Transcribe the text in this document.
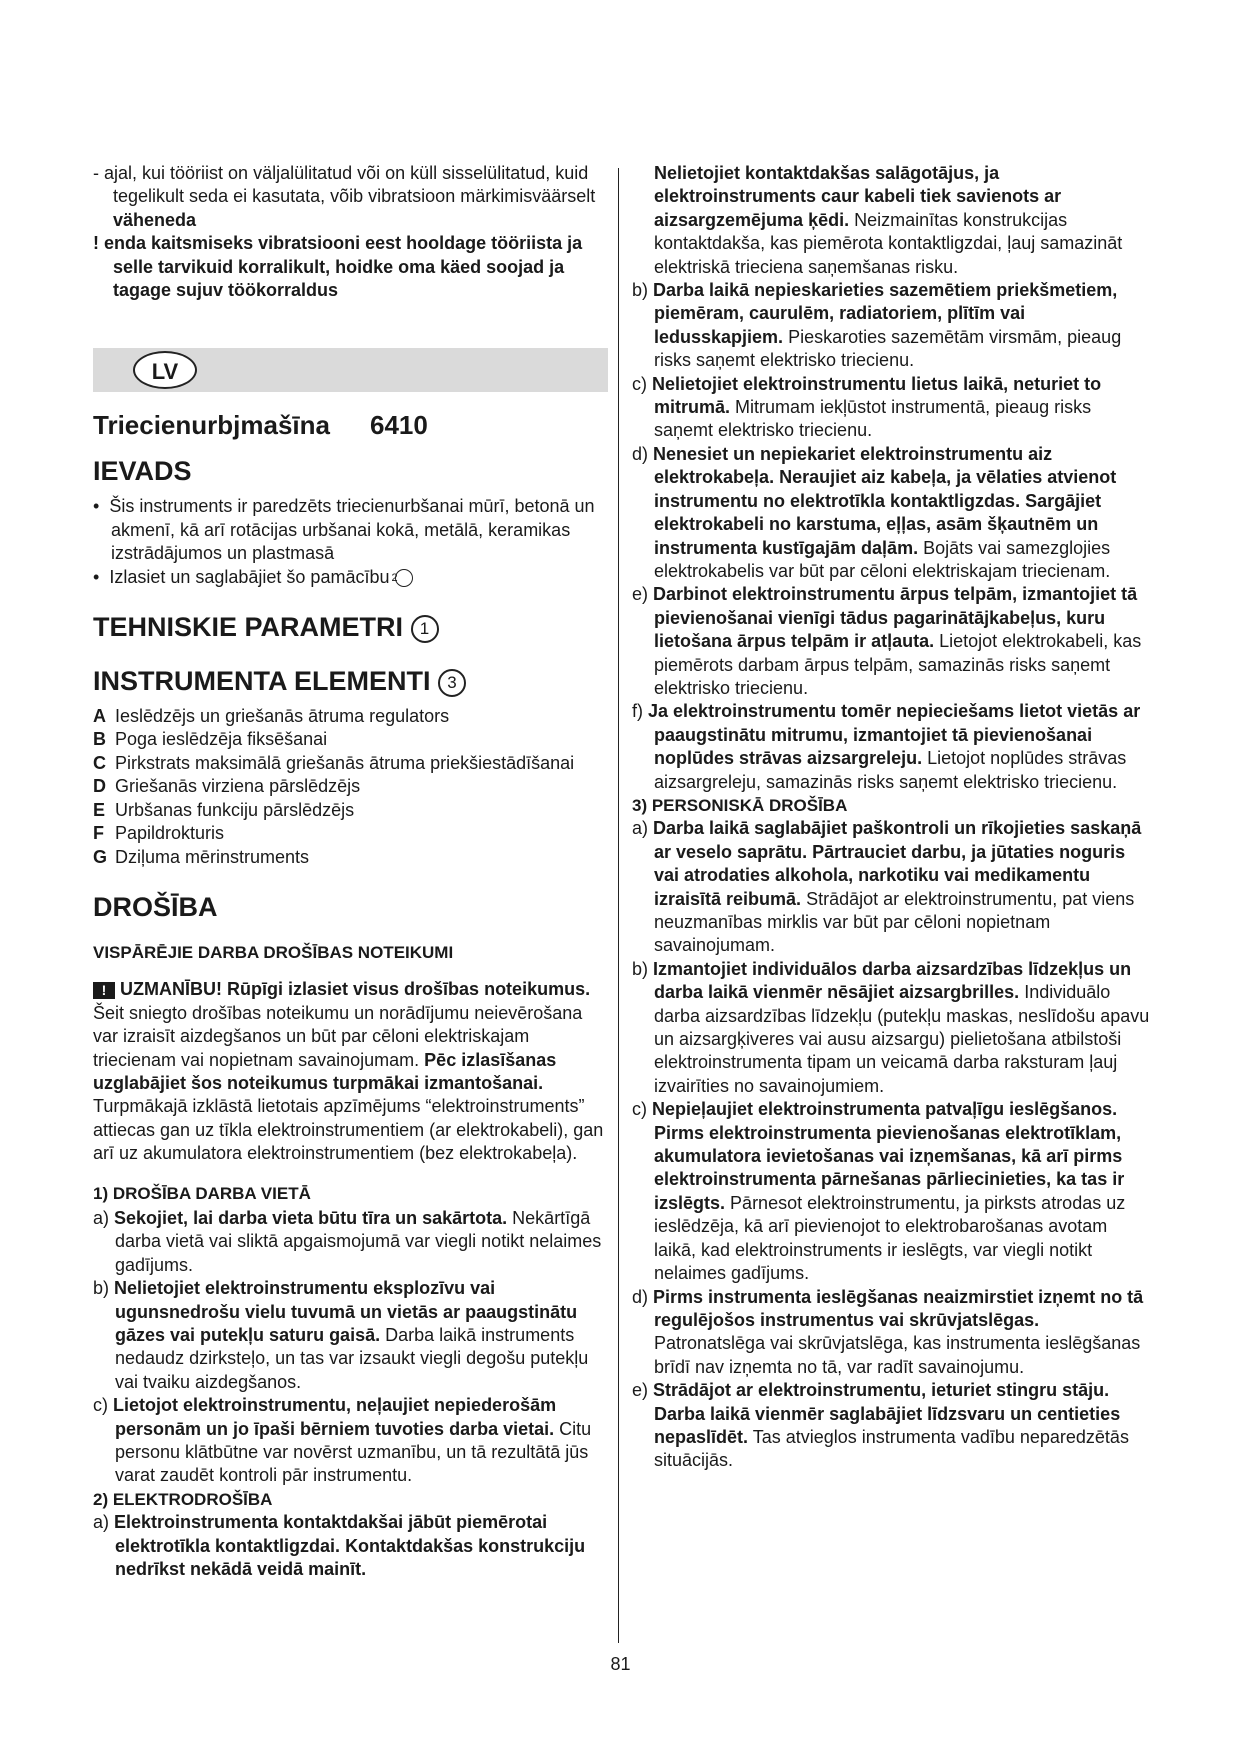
- ajal, kui tööriist on väljalülitatud või on küll sisselülitatud, kuid tegelikult seda ei kasutata, võib vibratsioon märkimisväärselt väheneda

! enda kaitsmiseks vibratsiooni eest hooldage tööriista ja selle tarvikuid korralikult, hoidke oma käed soojad ja tagage sujuv töökorraldus

LV
Triecienurbjmašīna 6410
IEVADS

•  Šis instruments ir paredzēts triecienurbšanai mūrī, betonā un akmenī, kā arī rotācijas urbšanai kokā, metālā, keramikas izstrādājumos un plastmasā

•  Izlasiet un saglabājiet šo pamācību 2

TEHNISKIE PARAMETRI 1
INSTRUMENTA ELEMENTI 3
A Ieslēdzējs un griešanās ātruma regulators
B Poga ieslēdzēja fiksēšanai
C Pirkstrats maksimālā griešanās ātruma priekšiestādīšanai
D Griešanās virziena pārslēdzējs
E Urbšanas funkciju pārslēdzējs
F Papildrokturis
G Dziļuma mērinstruments
DROŠĪBA
VISPĀRĒJIE DARBA DROŠĪBAS NOTEIKUMI

! UZMANĪBU! Rūpīgi izlasiet visus drošības noteikumus. Šeit sniegto drošības noteikumu un norādījumu neievērošana var izraisīt aizdegšanos un būt par cēloni elektriskajam triecienam vai nopietnam savainojumam. Pēc izlasīšanas uzglabājiet šos noteikumus turpmākai izmantošanai. Turpmākajā izklāstā lietotais apzīmējums “elektroinstruments” attiecas gan uz tīkla elektroinstrumentiem (ar elektrokabeli), gan arī uz akumulatora elektroinstrumentiem (bez elektrokabeļa).

1) DROŠĪBA DARBA VIETĀ

a) Sekojiet, lai darba vieta būtu tīra un sakārtota. Nekārtīgā darba vietā vai sliktā apgaismojumā var viegli notikt nelaimes gadījums.

b) Nelietojiet elektroinstrumentu eksplozīvu vai ugunsnedrošu vielu tuvumā un vietās ar paaugstinātu gāzes vai putekļu saturu gaisā. Darba laikā instruments nedaudz dzirksteļo, un tas var izsaukt viegli degošu putekļu vai tvaiku aizdegšanos.

c) Lietojot elektroinstrumentu, neļaujiet nepiederošām personām un jo īpaši bērniem tuvoties darba vietai. Citu personu klātbūtne var novērst uzmanību, un tā rezultātā jūs varat zaudēt kontroli pār instrumentu.

2) ELEKTRODROŠĪBA

a) Elektroinstrumenta kontaktdakšai jābūt piemērotai elektrotīkla kontaktligzdai. Kontaktdakšas konstrukciju nedrīkst nekādā veidā mainīt.

Nelietojiet kontaktdakšas salāgotājus, ja elektroinstruments caur kabeli tiek savienots ar aizsargzemējuma ķēdi. Neizmainītas konstrukcijas kontaktdakša, kas piemērota kontaktligzdai, ļauj samazināt elektriskā trieciena saņemšanas risku.

b) Darba laikā nepieskarieties sazemētiem priekšmetiem, piemēram, caurulēm, radiatoriem, plītīm vai ledusskapjiem. Pieskaroties sazemētām virsmām, pieaug risks saņemt elektrisko triecienu.

c) Nelietojiet elektroinstrumentu lietus laikā, neturiet to mitrumā. Mitrumam iekļūstot instrumentā, pieaug risks saņemt elektrisko triecienu.

d) Nenesiet un nepiekariet elektroinstrumentu aiz elektrokabeļa. Neraujiet aiz kabeļa, ja vēlaties atvienot instrumentu no elektrotīkla kontaktligzdas. Sargājiet elektrokabeli no karstuma, eļļas, asām šķautnēm un instrumenta kustīgajām daļām. Bojāts vai samezglojies elektrokabelis var būt par cēloni elektriskajam triecienam.

e) Darbinot elektroinstrumentu ārpus telpām, izmantojiet tā pievienošanai vienīgi tādus pagarinātājkabeļus, kuru lietošana ārpus telpām ir atļauta. Lietojot elektrokabeli, kas piemērots darbam ārpus telpām, samazinās risks saņemt elektrisko triecienu.

f) Ja elektroinstrumentu tomēr nepieciešams lietot vietās ar paaugstinātu mitrumu, izmantojiet tā pievienošanai noplūdes strāvas aizsargreleju. Lietojot noplūdes strāvas aizsargreleju, samazinās risks saņemt elektrisko triecienu.

3) PERSONISKĀ DROŠĪBA

a) Darba laikā saglabājiet paškontroli un rīkojieties saskaņā ar veselo saprātu. Pārtrauciet darbu, ja jūtaties noguris vai atrodaties alkohola, narkotiku vai medikamentu izraisītā reibumā. Strādājot ar elektroinstrumentu, pat viens neuzmanības mirklis var būt par cēloni nopietnam savainojumam.

b) Izmantojiet individuālos darba aizsardzības līdzekļus un darba laikā vienmēr nēsājiet aizsargbrilles. Individuālo darba aizsardzības līdzekļu (putekļu maskas, neslīdošu apavu un aizsargķiveres vai ausu aizsargu) pielietošana atbilstoši elektroinstrumenta tipam un veicamā darba raksturam ļauj izvairīties no savainojumiem.

c) Nepieļaujiet elektroinstrumenta patvaļīgu ieslēgšanos. Pirms elektroinstrumenta pievienošanas elektrotīklam, akumulatora ievietošanas vai izņemšanas, kā arī pirms elektroinstrumenta pārnešanas pārliecinieties, ka tas ir izslēgts. Pārnesot elektroinstrumentu, ja pirksts atrodas uz ieslēdzēja, kā arī pievienojot to elektrobarošanas avotam laikā, kad elektroinstruments ir ieslēgts, var viegli notikt nelaimes gadījums.

d) Pirms instrumenta ieslēgšanas neaizmirstiet izņemt no tā regulējošos instrumentus vai skrūvjatslēgas. Patronatslēga vai skrūvjatslēga, kas instrumenta ieslēgšanas brīdī nav izņemta no tā, var radīt savainojumu.

e) Strādājot ar elektroinstrumentu, ieturiet stingru stāju. Darba laikā vienmēr saglabājiet līdzsvaru un centieties nepaslīdēt. Tas atvieglos instrumenta vadību neparedzētās situācijās.

81
